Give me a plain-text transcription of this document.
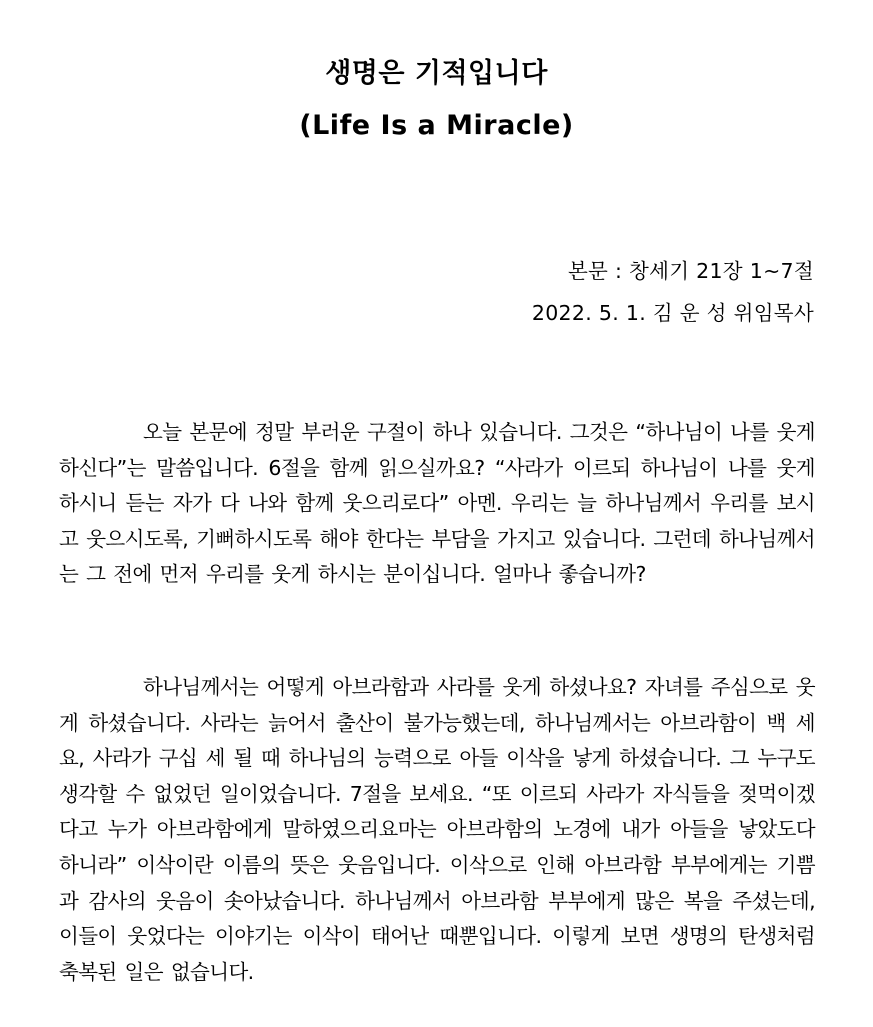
생명은 기적입니다
(Life Is a Miracle)
본문 : 창세기 21장 1~7절
2022. 5. 1. 김 운 성 위임목사

오늘 본문에 정말 부러운 구절이 하나 있습니다. 그것은 “하나님이 나를 웃게 하신다”는 말씀입니다. 6절을 함께 읽으실까요? “사라가 이르되 하나님이 나를 웃게 하시니 듣는 자가 다 나와 함께 웃으리로다” 아멘. 우리는 늘 하나님께서 우리를 보시고 웃으시도록, 기뻐하시도록 해야 한다는 부담을 가지고 있습니다. 그런데 하나님께서는 그 전에 먼저 우리를 웃게 하시는 분이십니다. 얼마나 좋습니까?

하나님께서는 어떻게 아브라함과 사라를 웃게 하셨나요? 자녀를 주심으로 웃게 하셨습니다. 사라는 늙어서 출산이 불가능했는데, 하나님께서는 아브라함이 백 세요, 사라가 구십 세 될 때 하나님의 능력으로 아들 이삭을 낳게 하셨습니다. 그 누구도 생각할 수 없었던 일이었습니다. 7절을 보세요. “또 이르되 사라가 자식들을 젖먹이겠다고 누가 아브라함에게 말하였으리요마는 아브라함의 노경에 내가 아들을 낳았도다 하니라” 이삭이란 이름의 뜻은 웃음입니다. 이삭으로 인해 아브라함 부부에게는 기쁨과 감사의 웃음이 솟아났습니다. 하나님께서 아브라함 부부에게 많은 복을 주셨는데, 이들이 웃었다는 이야기는 이삭이 태어난 때뿐입니다. 이렇게 보면 생명의 탄생처럼 축복된 일은 없습니다.
